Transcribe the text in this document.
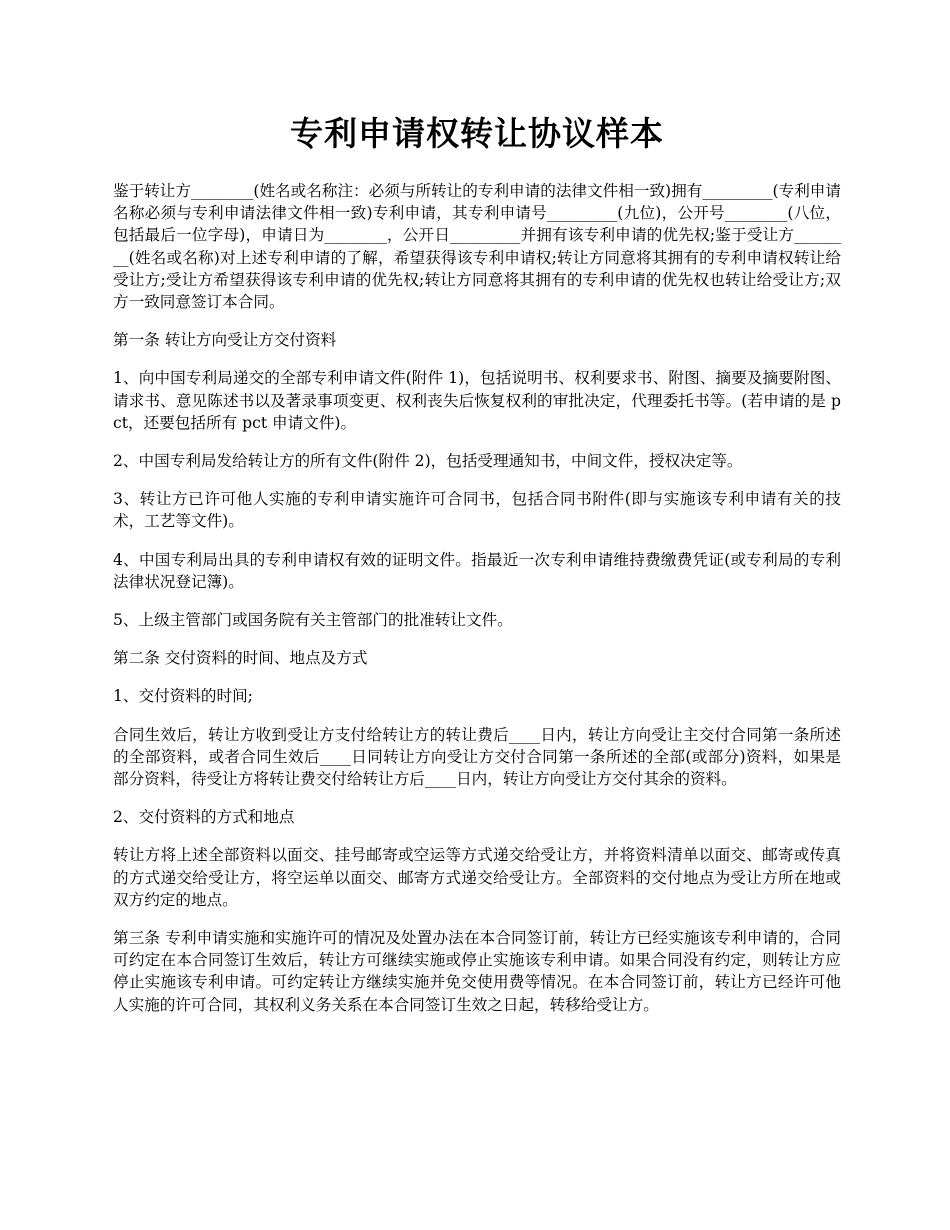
专利申请权转让协议样本

鉴于转让方________(姓名或名称注：必须与所转让的专利申请的法律文件相一致)拥有_________(专利申请名称必须与专利申请法律文件相一致)专利申请，其专利申请号_________(九位)，公开号________(八位，包括最后一位字母)，申请日为________，公开日_________并拥有该专利申请的优先权;鉴于受让方________(姓名或名称)对上述专利申请的了解，希望获得该专利申请权;转让方同意将其拥有的专利申请权转让给受让方;受让方希望获得该专利申请的优先权;转让方同意将其拥有的专利申请的优先权也转让给受让方;双方一致同意签订本合同。

第一条 转让方向受让方交付资料

1、向中国专利局递交的全部专利申请文件(附件 1)，包括说明书、权利要求书、附图、摘要及摘要附图、请求书、意见陈述书以及著录事项变更、权利丧失后恢复权利的审批决定，代理委托书等。(若申请的是 pct，还要包括所有 pct 申请文件)。

2、中国专利局发给转让方的所有文件(附件 2)，包括受理通知书，中间文件，授权决定等。

3、转让方已许可他人实施的专利申请实施许可合同书，包括合同书附件(即与实施该专利申请有关的技术，工艺等文件)。

4、中国专利局出具的专利申请权有效的证明文件。指最近一次专利申请维持费缴费凭证(或专利局的专利法律状况登记簿)。

5、上级主管部门或国务院有关主管部门的批准转让文件。

第二条 交付资料的时间、地点及方式

1、交付资料的时间;

合同生效后，转让方收到受让方支付给转让方的转让费后____日内，转让方向受让主交付合同第一条所述的全部资料，或者合同生效后____日同转让方向受让方交付合同第一条所述的全部(或部分)资料，如果是部分资料，待受让方将转让费交付给转让方后____日内，转让方向受让方交付其余的资料。

2、交付资料的方式和地点

转让方将上述全部资料以面交、挂号邮寄或空运等方式递交给受让方，并将资料清单以面交、邮寄或传真的方式递交给受让方，将空运单以面交、邮寄方式递交给受让方。全部资料的交付地点为受让方所在地或双方约定的地点。

第三条 专利申请实施和实施许可的情况及处置办法在本合同签订前，转让方已经实施该专利申请的，合同可约定在本合同签订生效后，转让方可继续实施或停止实施该专利申请。如果合同没有约定，则转让方应停止实施该专利申请。可约定转让方继续实施并免交使用费等情况。在本合同签订前，转让方已经许可他人实施的许可合同，其权利义务关系在本合同签订生效之日起，转移给受让方。
